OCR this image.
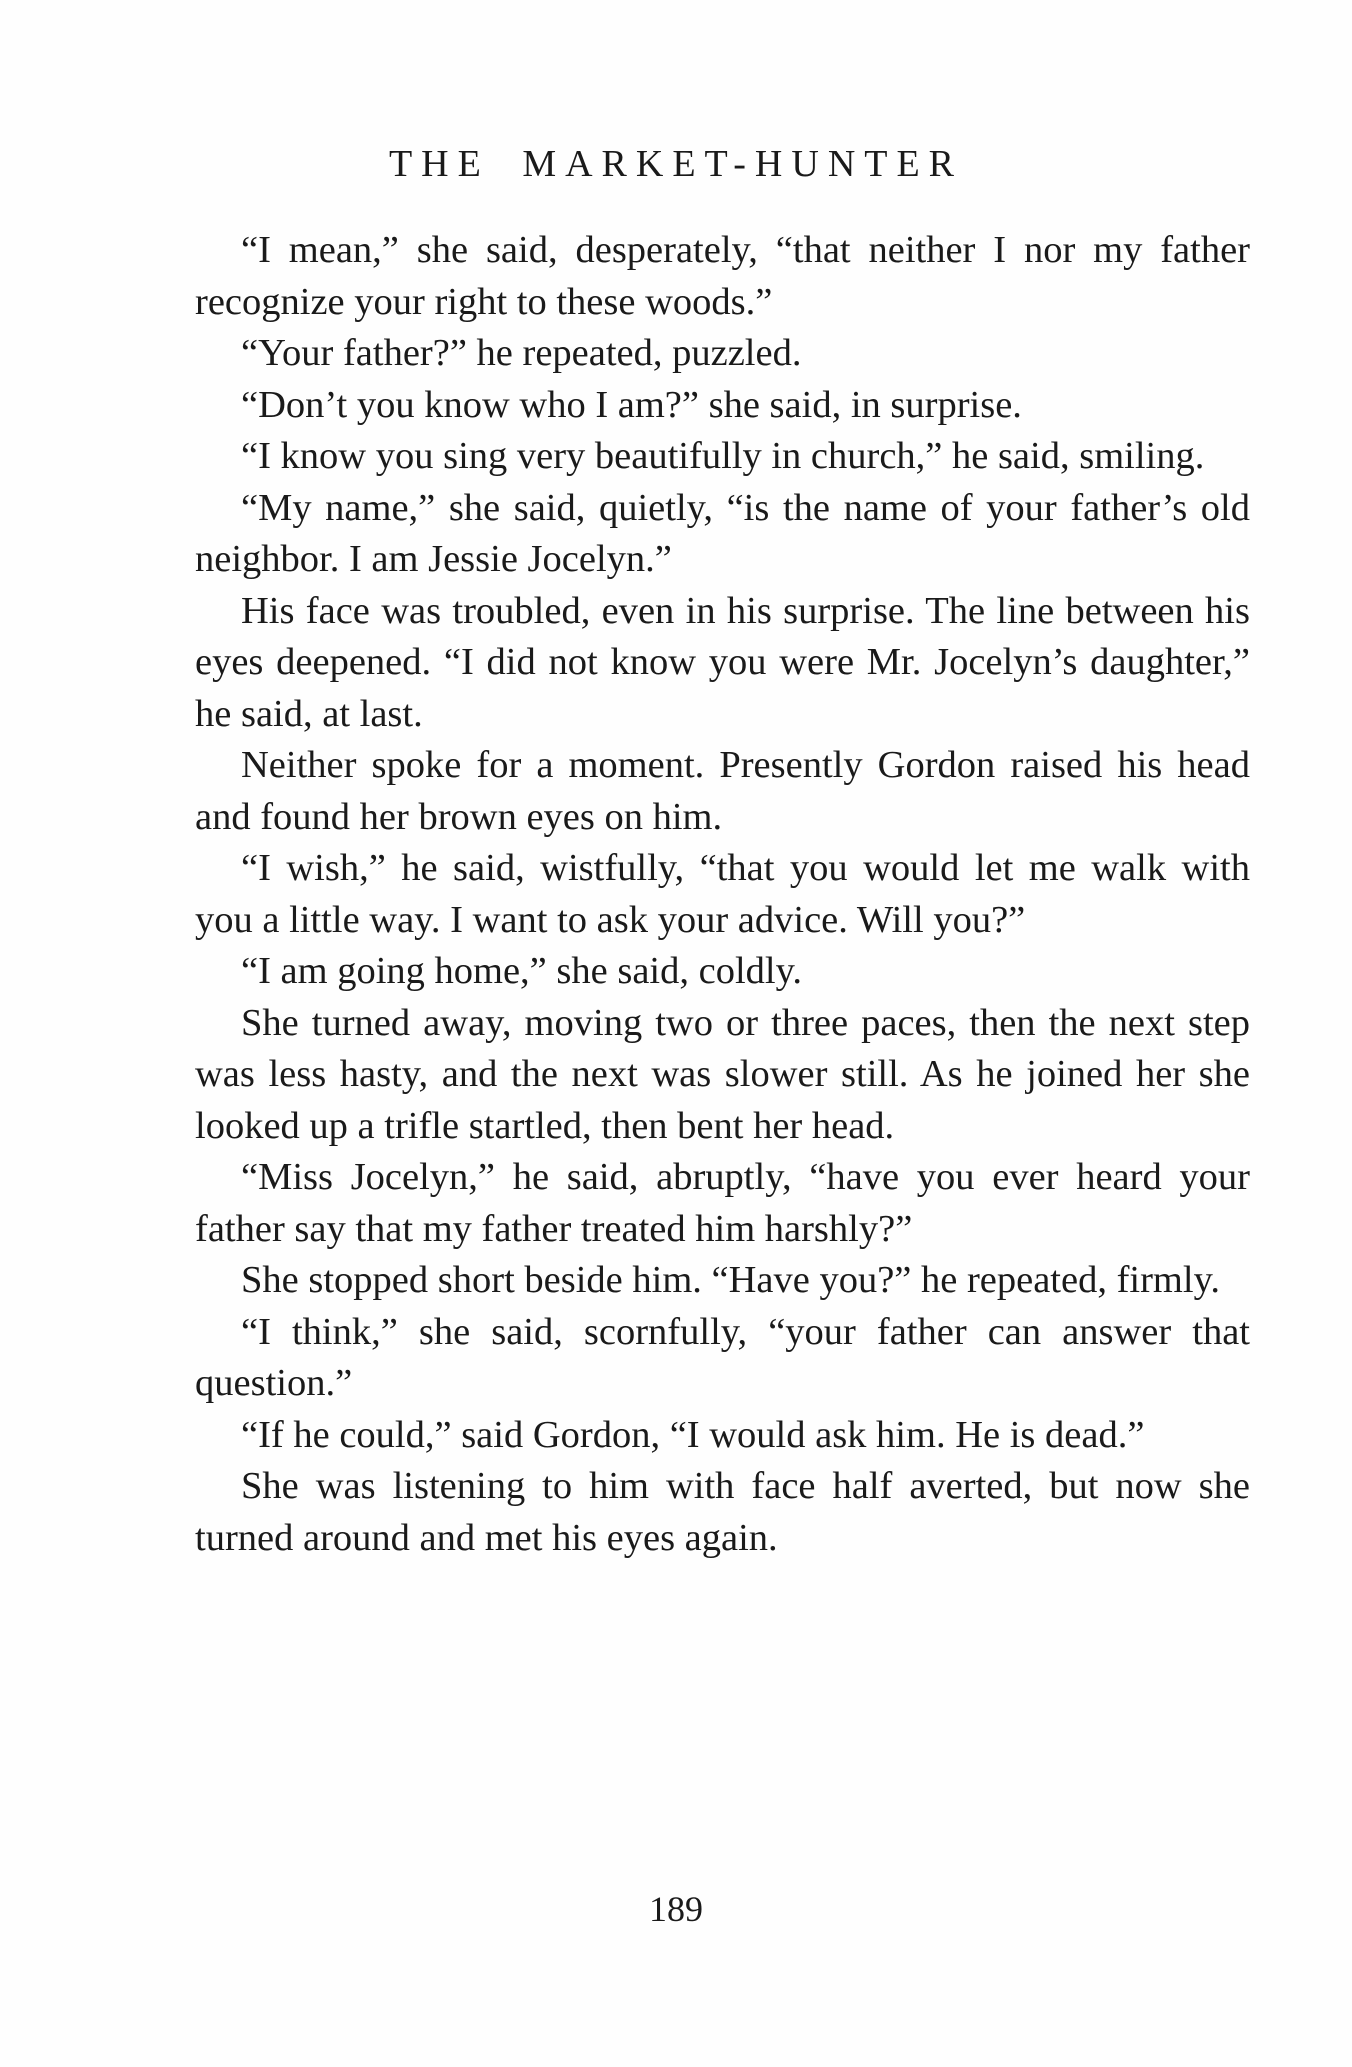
THE MARKET-HUNTER

“I mean,” she said, desperately, “that neither I nor my father recognize your right to these woods.”

“Your father?” he repeated, puzzled.

“Don’t you know who I am?” she said, in surprise.

“I know you sing very beautifully in church,” he said, smiling.

“My name,” she said, quietly, “is the name of your father’s old neighbor. I am Jessie Jocelyn.”

His face was troubled, even in his surprise. The line between his eyes deepened. “I did not know you were Mr. Jocelyn’s daughter,” he said, at last.

Neither spoke for a moment. Presently Gordon raised his head and found her brown eyes on him.

“I wish,” he said, wistfully, “that you would let me walk with you a little way. I want to ask your advice. Will you?”

“I am going home,” she said, coldly.

She turned away, moving two or three paces, then the next step was less hasty, and the next was slower still. As he joined her she looked up a trifle startled, then bent her head.

“Miss Jocelyn,” he said, abruptly, “have you ever heard your father say that my father treated him harshly?”

She stopped short beside him. “Have you?” he repeated, firmly.

“I think,” she said, scornfully, “your father can answer that question.”

“If he could,” said Gordon, “I would ask him. He is dead.”

She was listening to him with face half averted, but now she turned around and met his eyes again.

189
